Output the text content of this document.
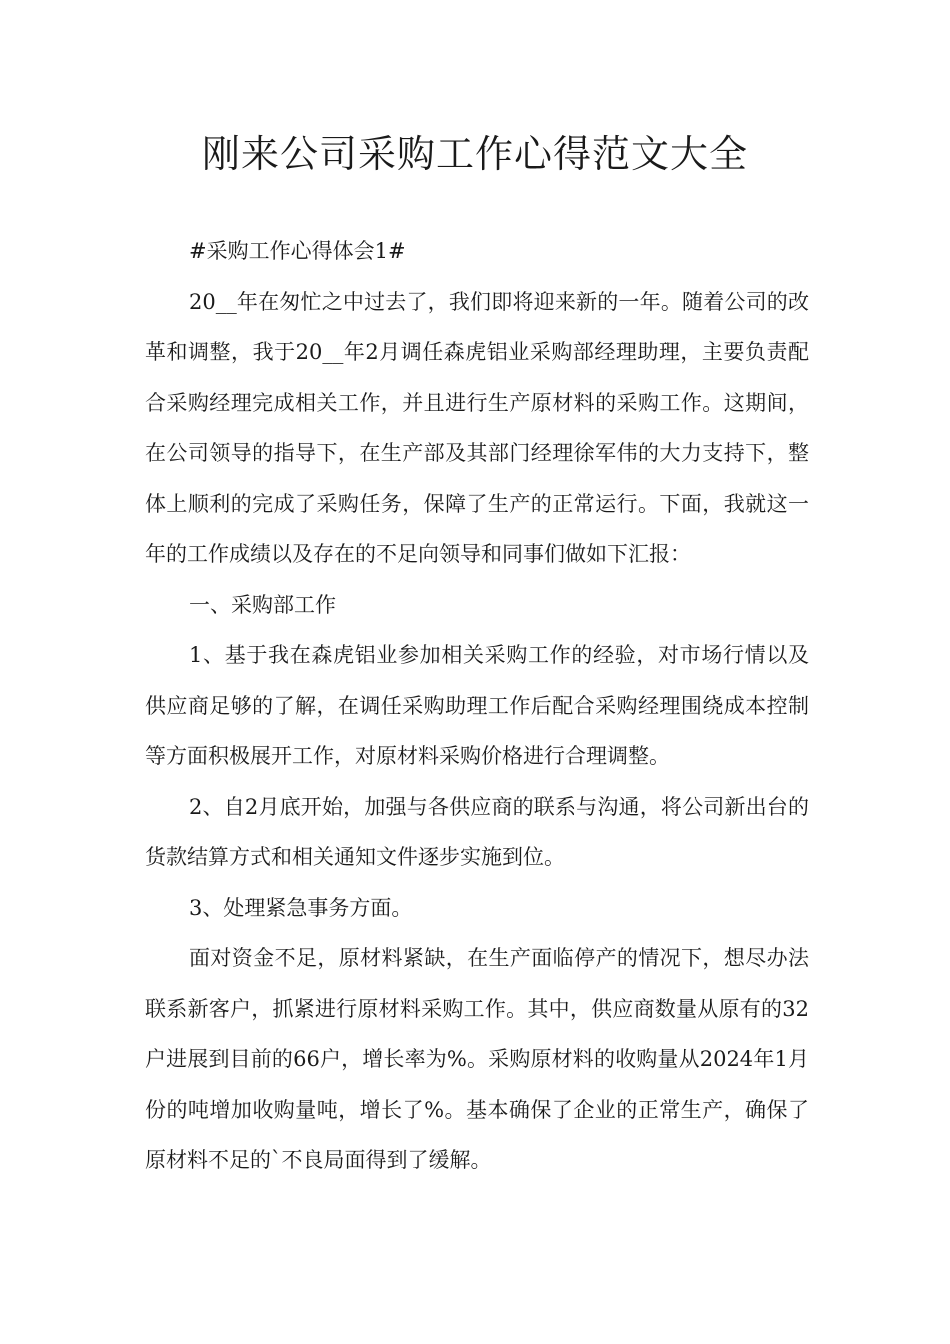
刚来公司采购工作心得范文大全

#采购工作心得体会1#

20__年在匆忙之中过去了，我们即将迎来新的一年。随着公司的改革和调整，我于20__年2月调任森虎铝业采购部经理助理，主要负责配合采购经理完成相关工作，并且进行生产原材料的采购工作。这期间，在公司领导的指导下，在生产部及其部门经理徐军伟的大力支持下，整体上顺利的完成了采购任务，保障了生产的正常运行。下面，我就这一年的工作成绩以及存在的不足向领导和同事们做如下汇报：

一、采购部工作

1、基于我在森虎铝业参加相关采购工作的经验，对市场行情以及供应商足够的了解，在调任采购助理工作后配合采购经理围绕成本控制等方面积极展开工作，对原材料采购价格进行合理调整。

2、自2月底开始，加强与各供应商的联系与沟通，将公司新出台的货款结算方式和相关通知文件逐步实施到位。

3、处理紧急事务方面。

面对资金不足，原材料紧缺，在生产面临停产的情况下，想尽办法联系新客户，抓紧进行原材料采购工作。其中，供应商数量从原有的32户进展到目前的66户，增长率为%。采购原材料的收购量从2024年1月份的吨增加收购量吨，增长了%。基本确保了企业的正常生产，确保了原材料不足的`不良局面得到了缓解。
